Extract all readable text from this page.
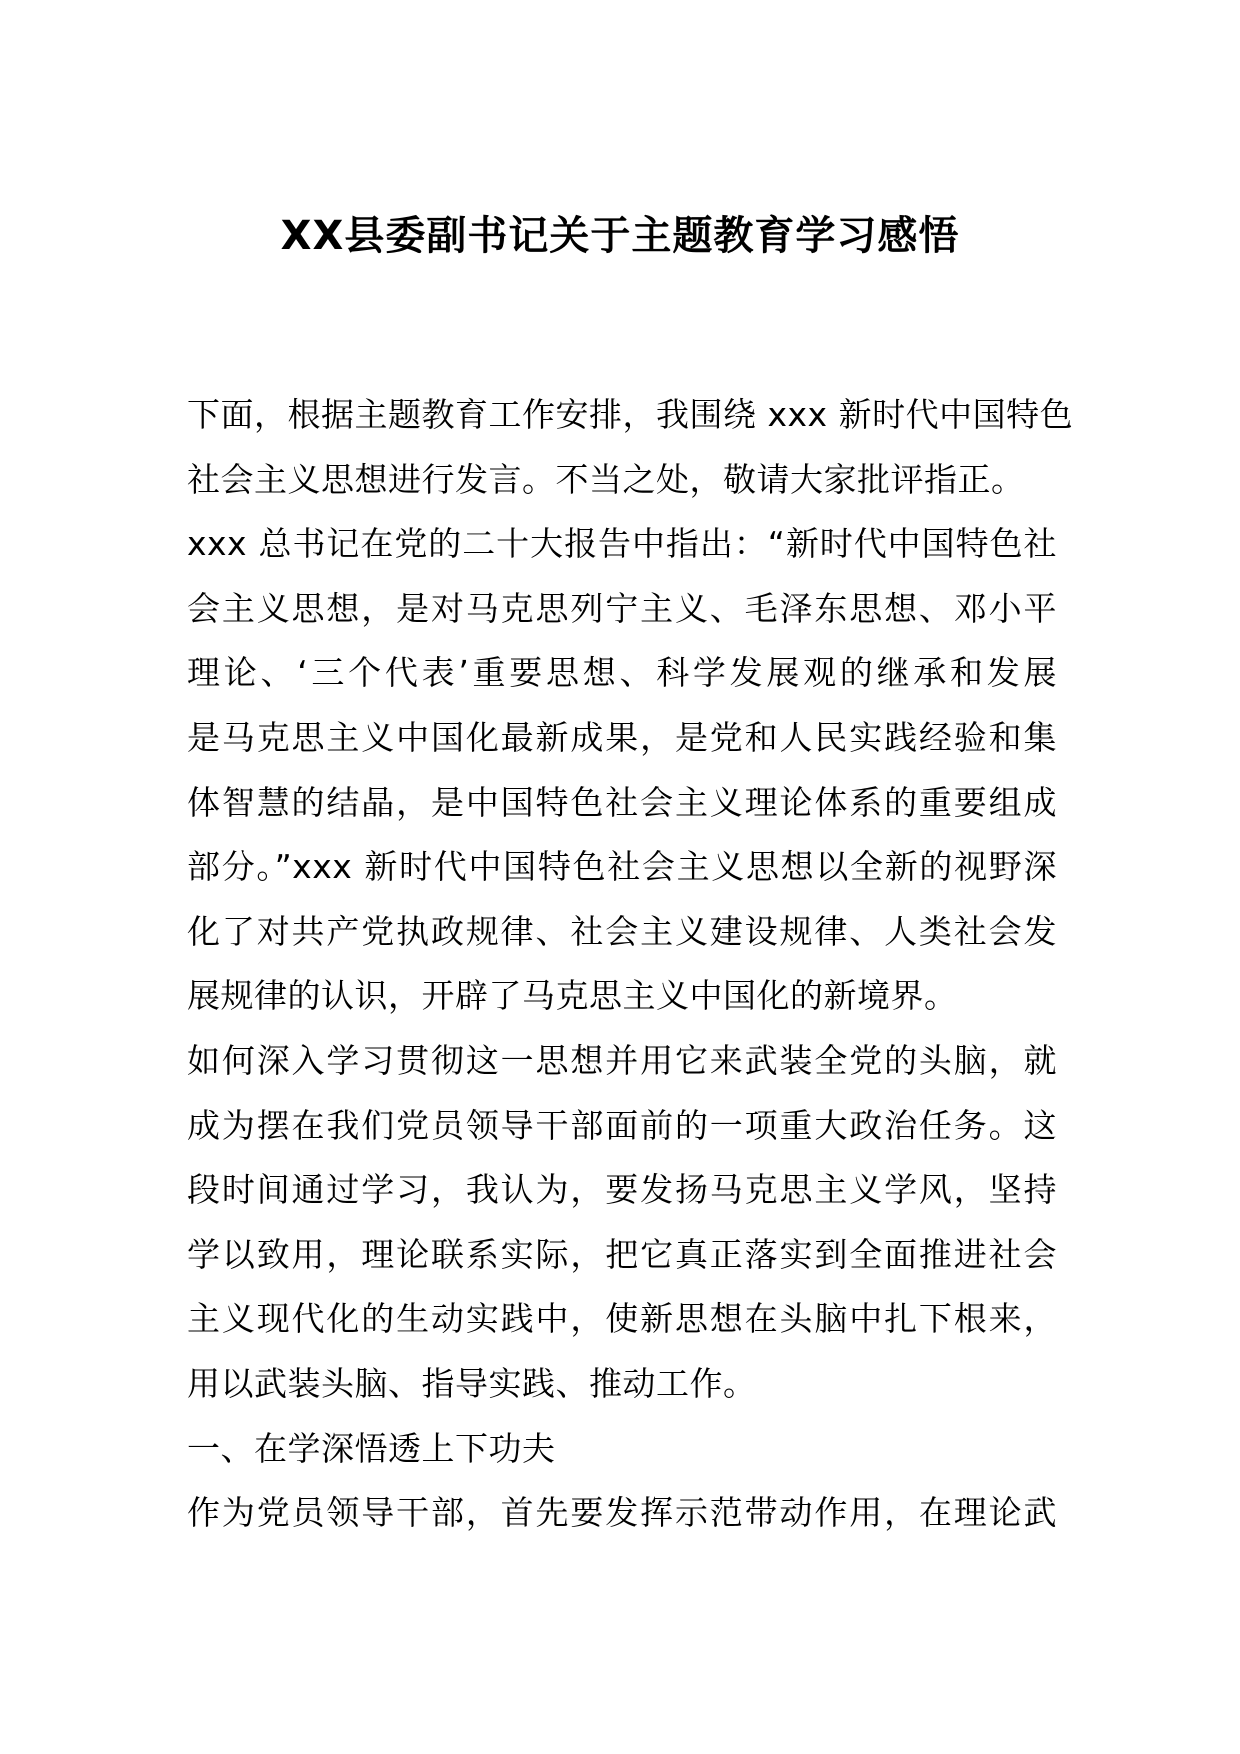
XX县委副书记关于主题教育学习感悟

下面，根据主题教育工作安排，我围绕 xxx 新时代中国特色

社会主义思想进行发言。不当之处，敬请大家批评指正。

xxx 总书记在党的二十大报告中指出：“新时代中国特色社

会主义思想，是对马克思列宁主义、毛泽东思想、邓小平

理论、‘三个代表’重要思想、科学发展观的继承和发展

是马克思主义中国化最新成果，是党和人民实践经验和集

体智慧的结晶，是中国特色社会主义理论体系的重要组成

部分。”xxx 新时代中国特色社会主义思想以全新的视野深

化了对共产党执政规律、社会主义建设规律、人类社会发

展规律的认识，开辟了马克思主义中国化的新境界。

如何深入学习贯彻这一思想并用它来武装全党的头脑，就

成为摆在我们党员领导干部面前的一项重大政治任务。这

段时间通过学习，我认为，要发扬马克思主义学风，坚持

学以致用，理论联系实际，把它真正落实到全面推进社会

主义现代化的生动实践中，使新思想在头脑中扎下根来，

用以武装头脑、指导实践、推动工作。

一、在学深悟透上下功夫

作为党员领导干部，首先要发挥示范带动作用，在理论武
